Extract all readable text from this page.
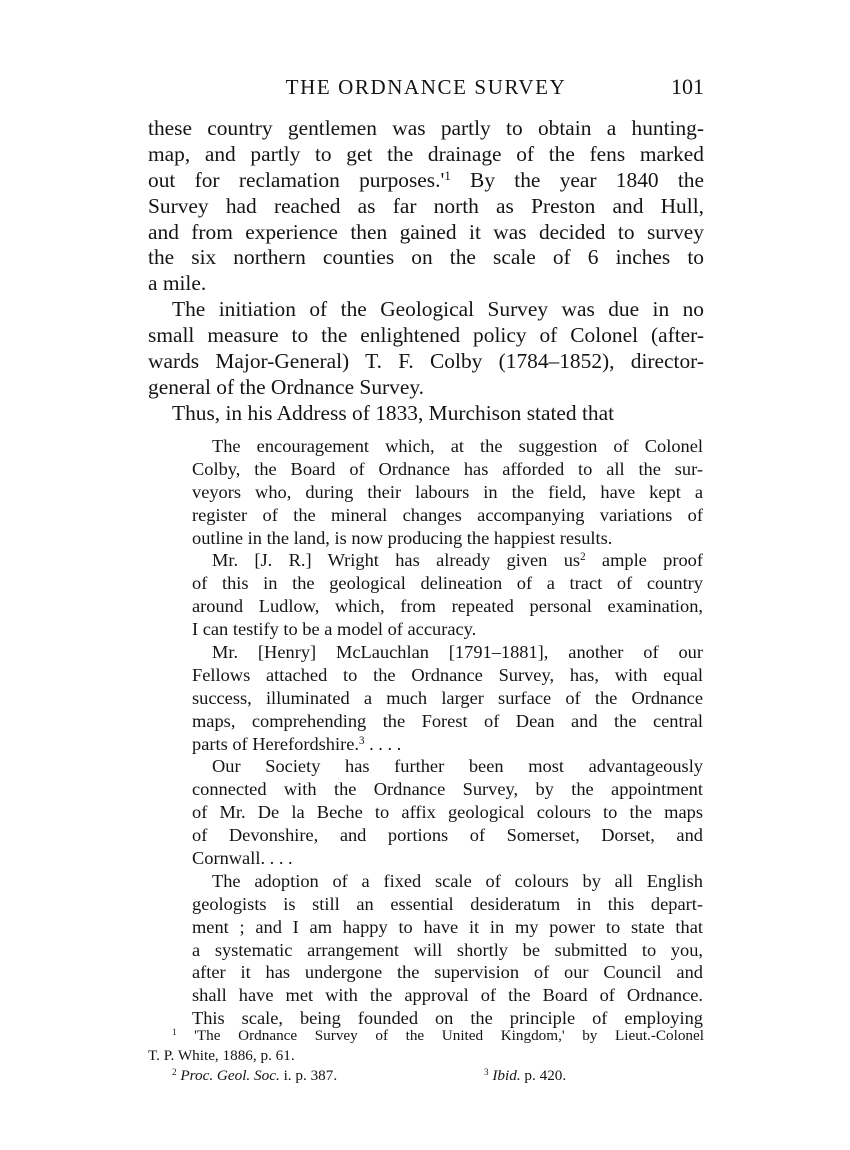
THE ORDNANCE SURVEY	101
these country gentlemen was partly to obtain a hunting-
map, and partly to get the drainage of the fens marked
out for reclamation $purposes.'^1$ By the year 1840 the
Survey had reached as far north as Preston and Hull,
and from experience then gained it was decided to survey
the six northern counties on the scale of 6 inches to
a mile.
The initiation of the Geological Survey was due in no
small measure to the enlightened policy of Colonel (after-
wards Major-General) T. F. Colby (1784–1852), director-
general of the Ordnance Survey.
Thus, in his Address of 1833, Murchison stated that
The encouragement which, at the suggestion of Colonel
Colby, the Board of Ordnance has afforded to all the sur-
veyors who, during their labours in the field, have kept a
register of the mineral changes accompanying variations of
outline in the land, is now producing the happiest results.
Mr. [J. R.] Wright has already given $us^2$ ample proof
of this in the geological delineation of a tract of country
around Ludlow, which, from repeated personal examination,
I can testify to be a model of accuracy.
Mr. [Henry] McLauchlan [1791–1881], another of our
Fellows attached to the Ordnance Survey, has, with equal
success, illuminated a much larger surface of the Ordnance
maps, comprehending the Forest of Dean and the central
parts of Herefordshire.$^3$ . . . .
Our Society has further been most advantageously
connected with the Ordnance Survey, by the appointment
of Mr. De la Beche to affix geological colours to the maps
of Devonshire, and portions of Somerset, Dorset, and
Cornwall. . . .
The adoption of a fixed scale of colours by all English
geologists is still an essential desideratum in this depart-
ment ; and I am happy to have it in my power to state that
a systematic arrangement will shortly be submitted to you,
after it has undergone the supervision of our Council and
shall have met with the approval of the Board of Ordnance.
This scale, being founded on the principle of employing
$^1$ 'The Ordnance Survey of the United Kingdom,' by Lieut.-Colonel
T. P. White, 1886, p. 61.
$^2$ Proc. Geol. Soc. i. p. 387.	$^3$ Ibid. p. 420.
